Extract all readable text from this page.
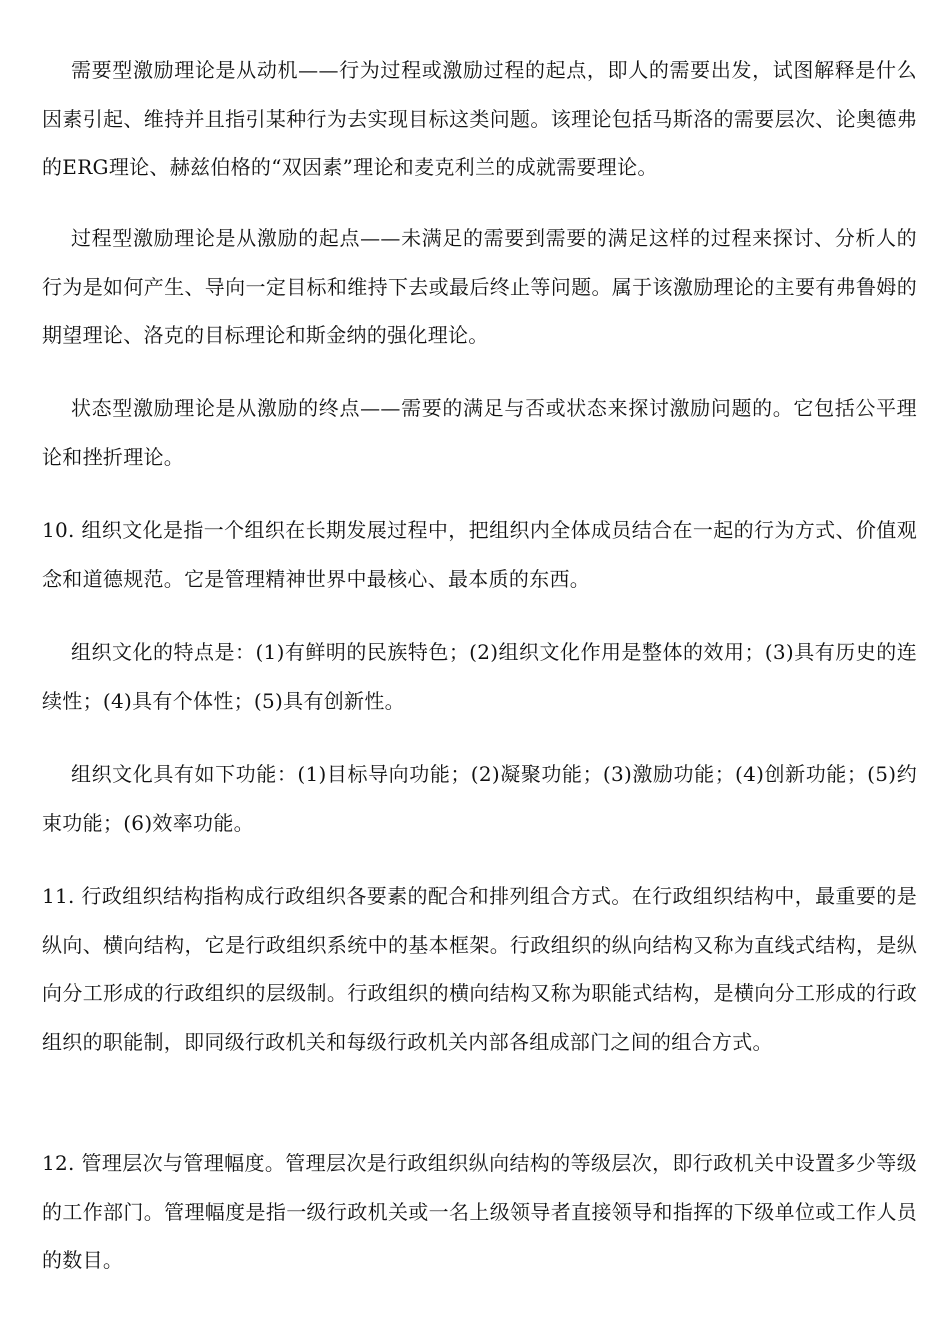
需要型激励理论是从动机——行为过程或激励过程的起点，即人的需要出发，试图解释是什么因素引起、维持并且指引某种行为去实现目标这类问题。该理论包括马斯洛的需要层次、论奥德弗的ERG理论、赫兹伯格的“双因素”理论和麦克利兰的成就需要理论。

过程型激励理论是从激励的起点——未满足的需要到需要的满足这样的过程来探讨、分析人的行为是如何产生、导向一定目标和维持下去或最后终止等问题。属于该激励理论的主要有弗鲁姆的期望理论、洛克的目标理论和斯金纳的强化理论。

状态型激励理论是从激励的终点——需要的满足与否或状态来探讨激励问题的。它包括公平理论和挫折理论。

10. 组织文化是指一个组织在长期发展过程中，把组织内全体成员结合在一起的行为方式、价值观念和道德规范。它是管理精神世界中最核心、最本质的东西。

组织文化的特点是：(1)有鲜明的民族特色；(2)组织文化作用是整体的效用；(3)具有历史的连续性；(4)具有个体性；(5)具有创新性。

组织文化具有如下功能：(1)目标导向功能；(2)凝聚功能；(3)激励功能；(4)创新功能；(5)约束功能；(6)效率功能。

11. 行政组织结构指构成行政组织各要素的配合和排列组合方式。在行政组织结构中，最重要的是纵向、横向结构，它是行政组织系统中的基本框架。行政组织的纵向结构又称为直线式结构，是纵向分工形成的行政组织的层级制。行政组织的横向结构又称为职能式结构，是横向分工形成的行政组织的职能制，即同级行政机关和每级行政机关内部各组成部门之间的组合方式。

12. 管理层次与管理幅度。管理层次是行政组织纵向结构的等级层次，即行政机关中设置多少等级的工作部门。管理幅度是指一级行政机关或一名上级领导者直接领导和指挥的下级单位或工作人员的数目。
